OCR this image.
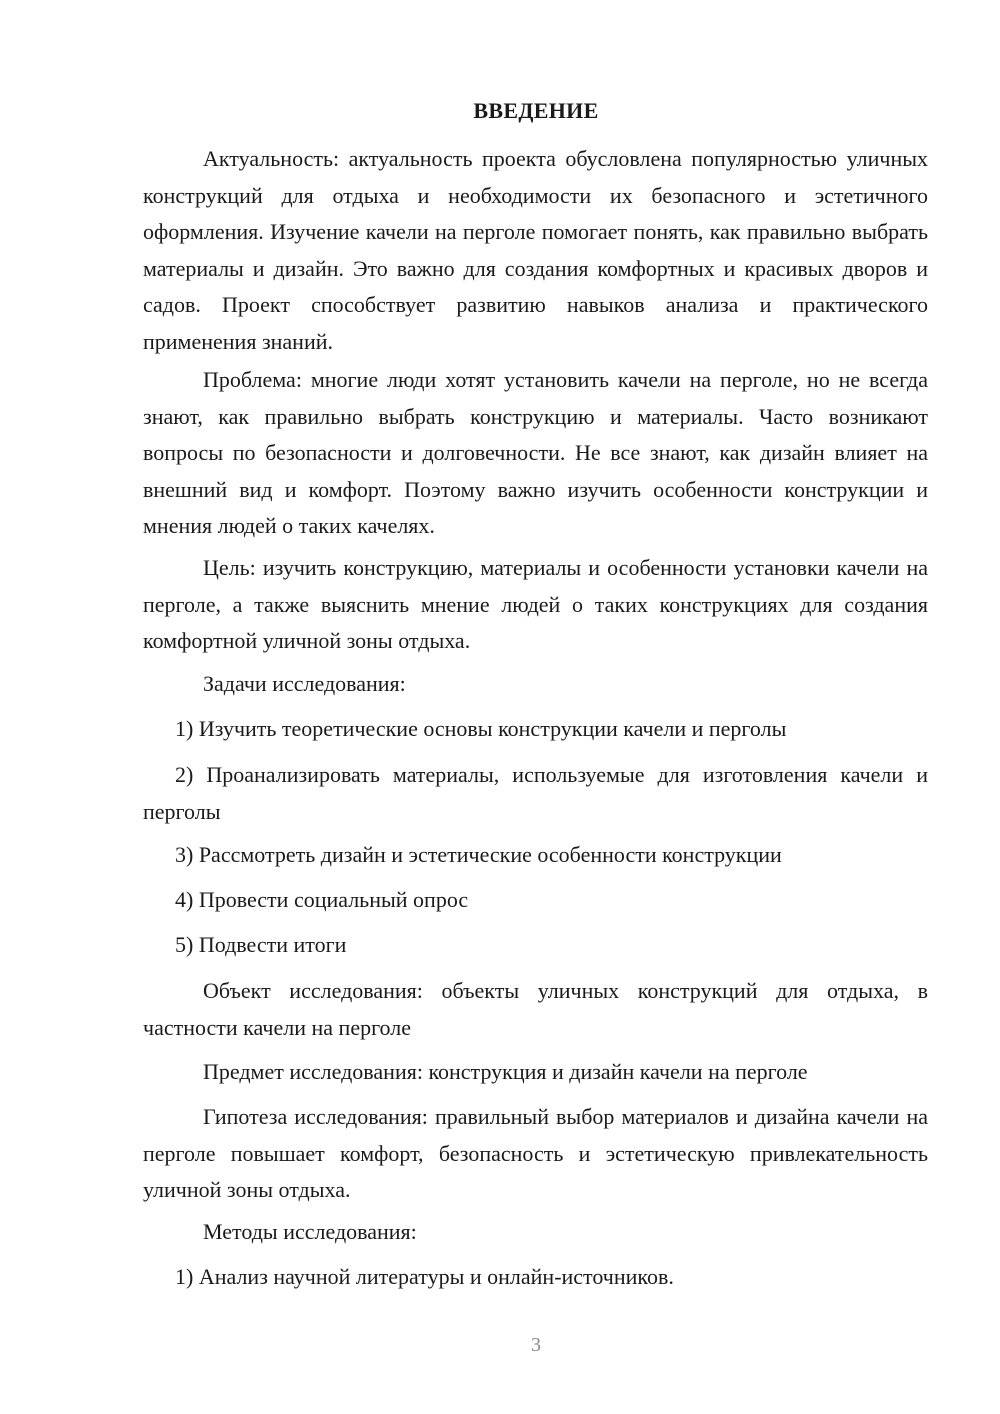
ВВЕДЕНИЕ
Актуальность: актуальность проекта обусловлена популярностью уличных конструкций для отдыха и необходимости их безопасного и эстетичного оформления. Изучение качели на перголе помогает понять, как правильно выбрать материалы и дизайн. Это важно для создания комфортных и красивых дворов и садов. Проект способствует развитию навыков анализа и практического применения знаний.
Проблема: многие люди хотят установить качели на перголе, но не всегда знают, как правильно выбрать конструкцию и материалы. Часто возникают вопросы по безопасности и долговечности. Не все знают, как дизайн влияет на внешний вид и комфорт. Поэтому важно изучить особенности конструкции и мнения людей о таких качелях.
Цель: изучить конструкцию, материалы и особенности установки качели на перголе, а также выяснить мнение людей о таких конструкциях для создания комфортной уличной зоны отдыха.
Задачи исследования:
1) Изучить теоретические основы конструкции качели и перголы
2) Проанализировать материалы, используемые для изготовления качели и перголы
3) Рассмотреть дизайн и эстетические особенности конструкции
4) Провести социальный опрос
5) Подвести итоги
Объект исследования: объекты уличных конструкций для отдыха, в частности качели на перголе
Предмет исследования: конструкция и дизайн качели на перголе
Гипотеза исследования: правильный выбор материалов и дизайна качели на перголе повышает комфорт, безопасность и эстетическую привлекательность уличной зоны отдыха.
Методы исследования:
1) Анализ научной литературы и онлайн-источников.
3
